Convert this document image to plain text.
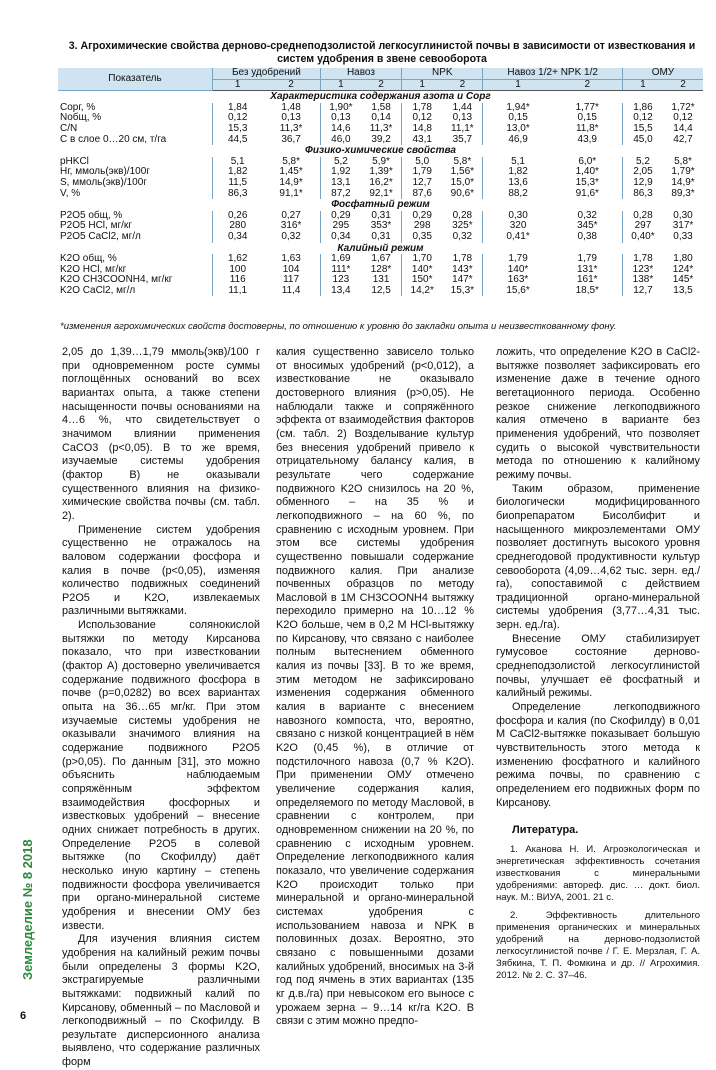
3. Агрохимические свойства дерново-среднеподзолистой легкосуглинистой почвы в зависимости от известкования и систем удобрения в звене севооборота
Показатель	Без удобрений		Навоз		NPK		Навоз 1/2+ NPK 1/2		ОМУ	
	1	2	1	2	1	2	1	2	1	2
Характеристика содержания азота и Cорг										
Cорг, %	1,84	1,48	1,90*	1,58	1,78	1,44	1,94*	1,77*	1,86	1,72*
Nобщ, %	0,12	0,13	0,13	0,14	0,12	0,13	0,15	0,15	0,12	0,12
C/N	15,3	11,3*	14,6	11,3*	14,8	11,1*	13,0*	11,8*	15,5	14,4
C в слое 0…20 см, т/га	44,5	36,7	46,0	39,2	43,1	35,7	46,9	43,9	45,0	42,7
Физико-химические свойства										
pHKCl	5,1	5,8*	5,2	5,9*	5,0	5,8*	5,1	6,0*	5,2	5,8*
Hг, ммоль(экв)/100г	1,82	1,45*	1,92	1,39*	1,79	1,56*	1,82	1,40*	2,05	1,79*
S, ммоль(экв)/100г	11,5	14,9*	13,1	16,2*	12,7	15,0*	13,6	15,3*	12,9	14,9*
V, %	86,3	91,1*	87,2	92,1*	87,6	90,6*	88,2	91,6*	86,3	89,3*
Фосфатный режим										
P2O5 общ, %	0,26	0,27	0,29	0,31	0,29	0,28	0,30	0,32	0,28	0,30
P2O5 HCl, мг/кг	280	316*	295	353*	298	325*	320	345*	297	317*
P2O5 CaCl2, мг/л	0,34	0,32	0,34	0,31	0,35	0,32	0,41*	0,38	0,40*	0,33
Калийный режим										
K2O общ, %	1,62	1,63	1,69	1,67	1,70	1,78	1,79	1,79	1,78	1,80
K2O HCl, мг/кг	100	104	111*	128*	140*	143*	140*	131*	123*	124*
K2O CH3COONH4, мг/кг	116	117	123	131	150*	147*	163*	161*	138*	145*
K2O CaCl2, мг/л	11,1	11,4	13,4	12,5	14,2*	15,3*	15,6*	18,5*	12,7	13,5
*изменения агрохимических свойств достоверны, по отношению к уровню до закладки опыта и неизвесткованному фону.

2,05 до 1,39…1,79 ммоль(экв)/100 г при одновременном росте суммы поглощённых оснований во всех вариантах опыта, а также степени насыщенности почвы основаниями на 4…6 %, что свидетельствует о значимом влиянии применения CaCO3 (p<0,05). В то же время, изучаемые системы удобрения (фактор B) не оказывали существенного влияния на физико-химические свойства почвы (см. табл. 2).

Применение систем удобрения существенно не отражалось на валовом содержании фосфора и калия в почве (p<0,05), изменяя количество подвижных соединений P2O5 и K2O, извлекаемых различными вытяжками.

Использование солянокислой вытяжки по методу Кирсанова показало, что при известковании (фактор A) достоверно увеличивается содержание подвижного фосфора в почве (p=0,0282) во всех вариантах опыта на 36…65 мг/кг. При этом изучаемые системы удобрения не оказывали значимого влияния на содержание подвижного P2O5 (p>0,05). По данным [31], это можно объяснить наблюдаемым сопряжённым эффектом взаимодействия фосфорных и известковых удобрений – внесение одних снижает потребность в других. Определение P2O5 в солевой вытяжке (по Скофилду) даёт несколько иную картину – степень подвижности фосфора увеличивается при органо-минеральной системе удобрения и внесении ОМУ без извести.

Для изучения влияния систем удобрения на калийный режим почвы были определены 3 формы K2O, экстрагируемые различными вытяжками: подвижный калий по Кирсанову, обменный – по Масловой и легкоподвижный – по Скофилду. В результате дисперсионного анализа выявлено, что содержание различных форм

калия существенно зависело только от вносимых удобрений (p<0,012), а известкование не оказывало достоверного влияния (p>0,05). Не наблюдали также и сопряжённого эффекта от взаимодействия факторов (см. табл. 2) Возделывание культур без внесения удобрений привело к отрицательному балансу калия, в результате чего содержание подвижного K2O снизилось на 20 %, обменного – на 35 % и легкоподвижного – на 60 %, по сравнению с исходным уровнем. При этом все системы удобрения существенно повышали содержание подвижного калия. При анализе почвенных образцов по методу Масловой в 1М CH3COONH4 вытяжку переходило примерно на 10…12 % K2O больше, чем в 0,2 М HCl-вытяжку по Кирсанову, что связано с наиболее полным вытеснением обменного калия из почвы [33]. В то же время, этим методом не зафиксировано изменения содержания обменного калия в варианте с внесением навозного компоста, что, вероятно, связано с низкой концентрацией в нём K2O (0,45 %), в отличие от подстилочного навоза (0,7 % K2O). При применении ОМУ отмечено увеличение содержания калия, определяемого по методу Масловой, в сравнении с контролем, при одновременном снижении на 20 %, по сравнению с исходным уровнем. Определение легкоподвижного калия показало, что увеличение содержания K2O происходит только при минеральной и органо-минеральной системах удобрения с использованием навоза и NPK в половинных дозах. Вероятно, это связано с повышенными дозами калийных удобрений, вносимых на 3-й год под ячмень в этих вариантах (135 кг д.в./га) при невысоком его выносе с урожаем зерна – 9…14 кг/га K2O. В связи с этим можно предпо-

ложить, что определение K2O в CaCl2-вытяжке позволяет зафиксировать его изменение даже в течение одного вегетационного периода. Особенно резкое снижение легкоподвижного калия отмечено в варианте без применения удобрений, что позволяет судить о высокой чувствительности метода по отношению к калийному режиму почвы.

Таким образом, применение биологически модифицированного биопрепаратом Бисолбифит и насыщенного микроэлементами ОМУ позволяет достигнуть высокого уровня среднегодовой продуктивности культур севооборота (4,09…4,62 тыс. зерн. ед./га), сопоставимой с действием традиционной органо-минеральной системы удобрения (3,77…4,31 тыс. зерн. ед./га).

Внесение ОМУ стабилизирует гумусовое состояние дерново-среднеподзолистой легкосуглинистой почвы, улучшает её фосфатный и калийный режимы.

Определение легкоподвижного фосфора и калия (по Скофилду) в 0,01 М CaCl2-вытяжке показывает большую чувствительность этого метода к изменению фосфатного и калийного режима почвы, по сравнению с определением его подвижных форм по Кирсанову.

Литература.

1. Аканова Н. И. Агроэкологическая и энергетическая эффективность сочетания известкования с минеральными удобрениями: автореф. дис. … докт. биол. наук. М.: ВИУА, 2001. 21 с.

2. Эффективность длительного применения органических и минеральных удобрений на дерново-подзолистой легкосуглинистой почве / Г. Е. Мерзлая, Г. А. Зябкина, Т. П. Фомкина и др. // Агрохимия. 2012. № 2. С. 37–46.

Земледелие № 8 2018
6
